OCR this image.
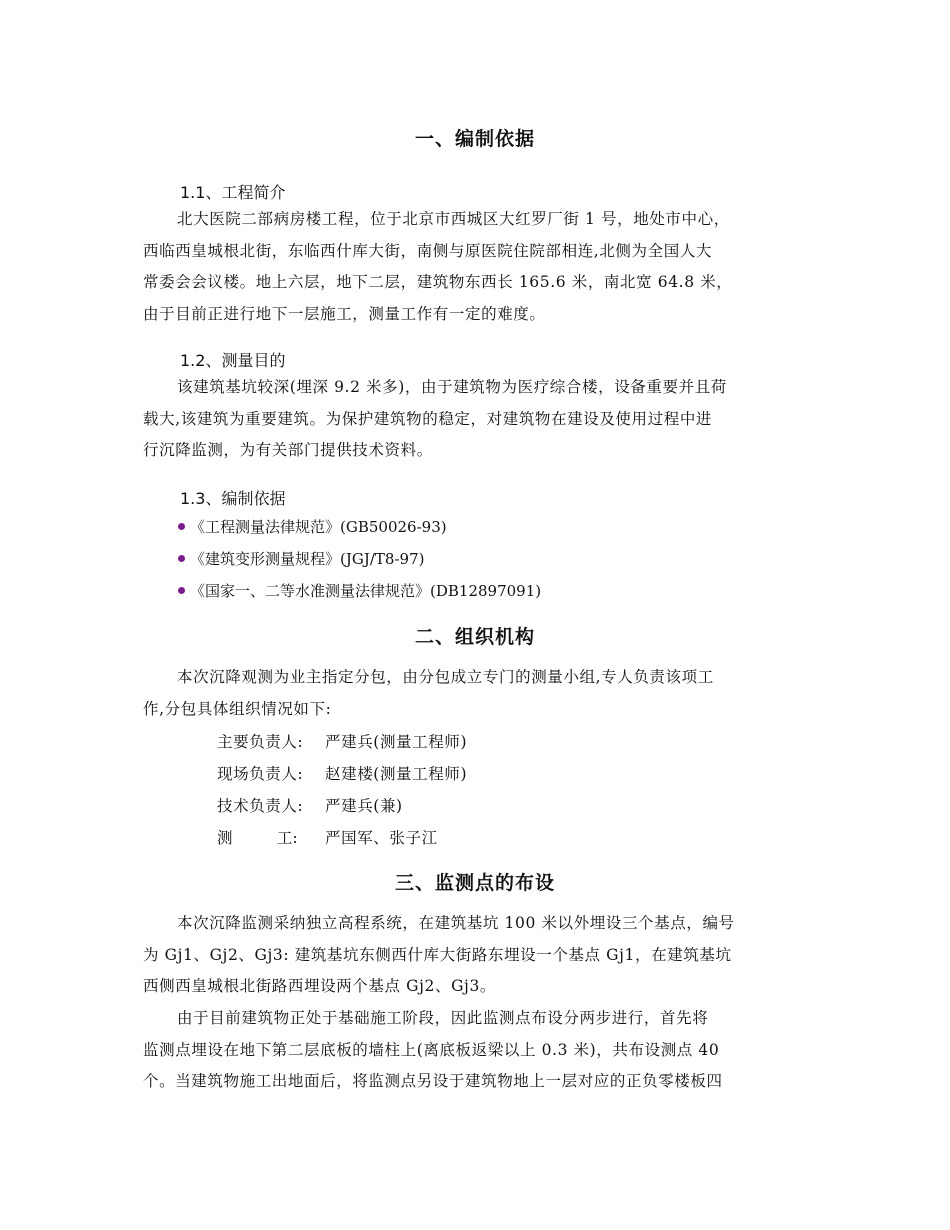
一、编制依据
1.1、工程简介
北大医院二部病房楼工程，位于北京市西城区大红罗厂街 1 号，地处市中心，
西临西皇城根北街，东临西什库大街，南侧与原医院住院部相连,北侧为全国人大
常委会会议楼。地上六层，地下二层，建筑物东西长 165.6 米，南北宽 64.8 米，
由于目前正进行地下一层施工，测量工作有一定的难度。
1.2、测量目的
该建筑基坑较深(埋深 9.2 米多)，由于建筑物为医疗综合楼，设备重要并且荷
载大,该建筑为重要建筑。为保护建筑物的稳定，对建筑物在建设及使用过程中进
行沉降监测，为有关部门提供技术资料。
1.3、编制依据
《工程测量法律规范》(GB50026-93)
《建筑变形测量规程》(JGJ/T8-97)
《国家一、二等水准测量法律规范》(DB12897091)
二、组织机构
本次沉降观测为业主指定分包，由分包成立专门的测量小组,专人负责该项工
作,分包具体组织情况如下:
主要负责人: 严建兵(测量工程师)
现场负责人: 赵建楼(测量工程师)
技术负责人: 严建兵(兼)
测         工: 严国军、张子江
三、监测点的布设
本次沉降监测采纳独立高程系统，在建筑基坑 100 米以外埋设三个基点，编号
为 Gj1、Gj2、Gj3: 建筑基坑东侧西什库大街路东埋设一个基点 Gj1，在建筑基坑
西侧西皇城根北街路西埋设两个基点 Gj2、Gj3。
由于目前建筑物正处于基础施工阶段，因此监测点布设分两步进行，首先将
监测点埋设在地下第二层底板的墙柱上(离底板返梁以上 0.3 米)，共布设测点 40
个。当建筑物施工出地面后，将监测点另设于建筑物地上一层对应的正负零楼板四
